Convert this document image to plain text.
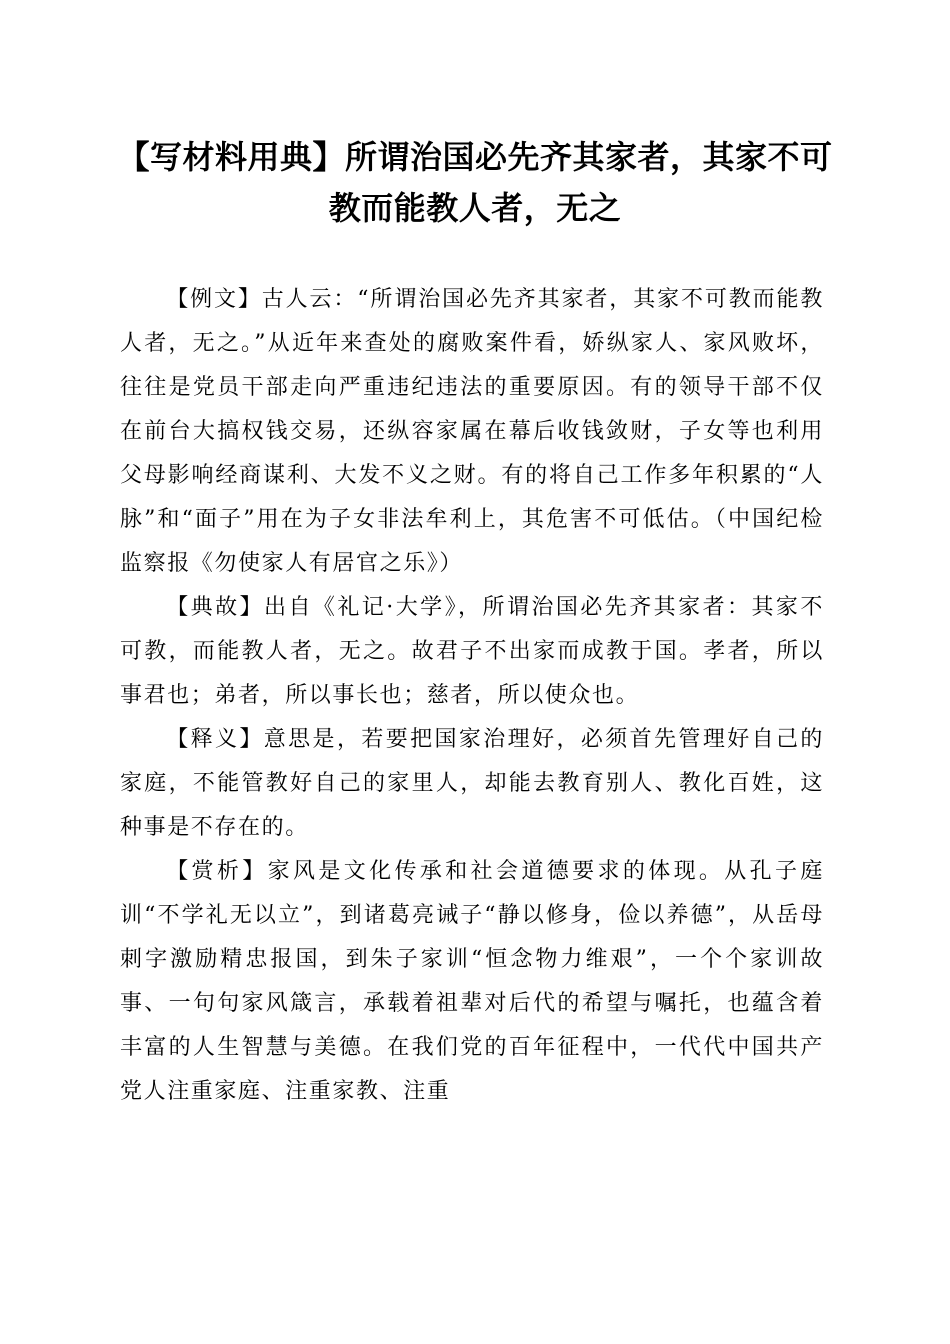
【写材料用典】所谓治国必先齐其家者，其家不可教而能教人者，无之

【例文】古人云：“所谓治国必先齐其家者，其家不可教而能教人者，无之。”从近年来查处的腐败案件看，娇纵家人、家风败坏，往往是党员干部走向严重违纪违法的重要原因。有的领导干部不仅在前台大搞权钱交易，还纵容家属在幕后收钱敛财，子女等也利用父母影响经商谋利、大发不义之财。有的将自己工作多年积累的“人脉”和“面子”用在为子女非法牟利上，其危害不可低估。（中国纪检监察报《勿使家人有居官之乐》）

【典故】出自《礼记·大学》，所谓治国必先齐其家者：其家不可教，而能教人者，无之。故君子不出家而成教于国。孝者，所以事君也；弟者，所以事长也；慈者，所以使众也。

【释义】意思是，若要把国家治理好，必须首先管理好自己的家庭，不能管教好自己的家里人，却能去教育别人、教化百姓，这种事是不存在的。

【赏析】家风是文化传承和社会道德要求的体现。从孔子庭训“不学礼无以立”，到诸葛亮诫子“静以修身，俭以养德”，从岳母刺字激励精忠报国，到朱子家训“恒念物力维艰”，一个个家训故事、一句句家风箴言，承载着祖辈对后代的希望与嘱托，也蕴含着丰富的人生智慧与美德。在我们党的百年征程中，一代代中国共产党人注重家庭、注重家教、注重
